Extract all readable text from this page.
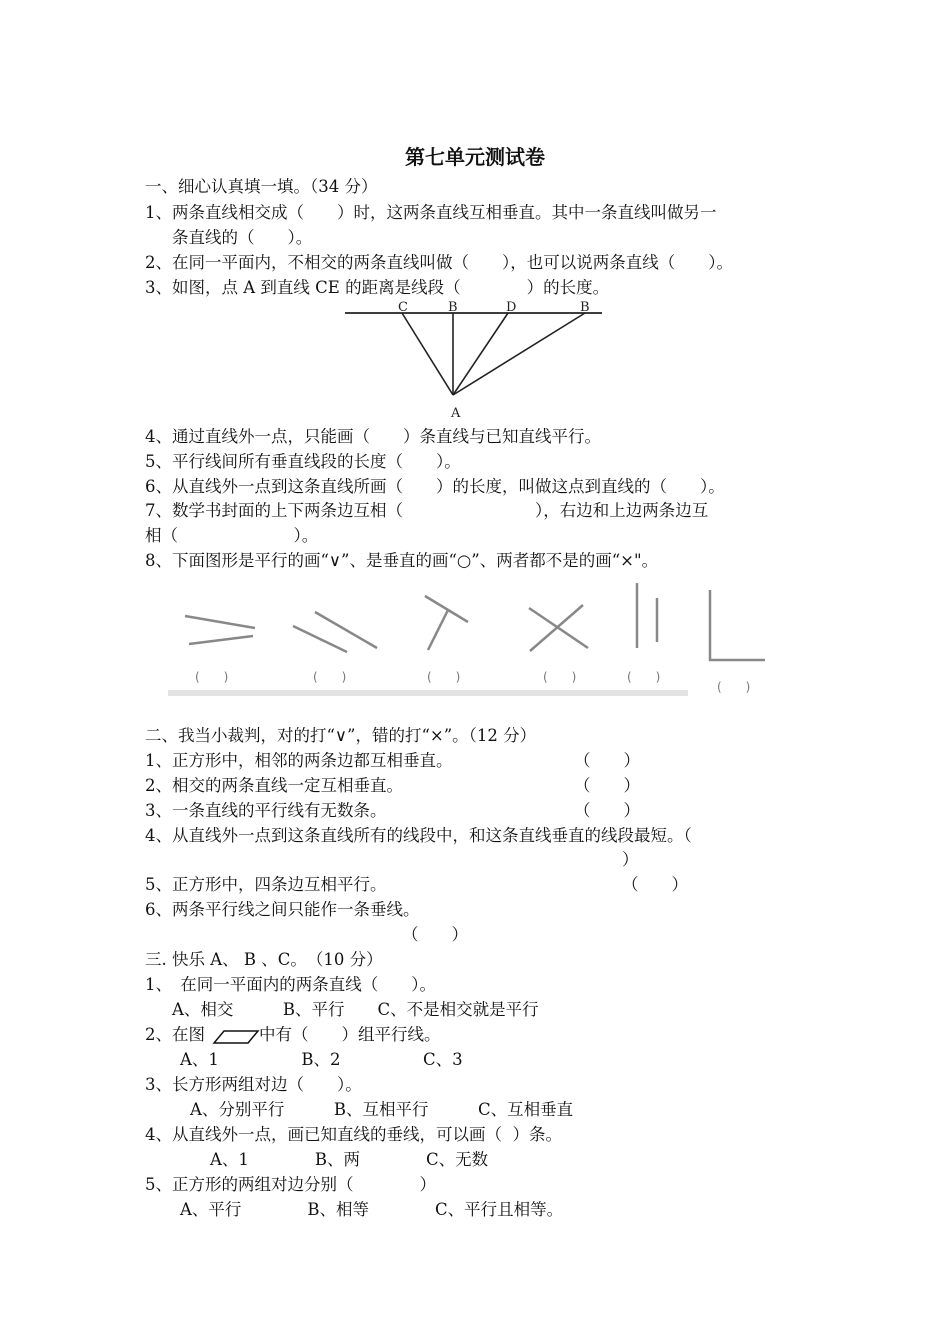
第七单元测试卷
一、细心认真填一填。（34 分）
1、两条直线相交成（　　）时，这两条直线互相垂直。其中一条直线叫做另一
条直线的（　　）。
2、在同一平面内，不相交的两条直线叫做（　　），也可以说两条直线（　　）。
3、如图，点 A 到直线 CE 的距离是线段（　　　　）的长度。
C	B	D	B
A
4、通过直线外一点，只能画（　　）条直线与已知直线平行。
5、平行线间所有垂直线段的长度（　　）。
6、从直线外一点到这条直线所画（　　）的长度，叫做这点到直线的（　　）。
7、数学书封面的上下两条边互相（　　　　　　　　），右边和上边两条边互
相（　　　　　　　）。
8、下面图形是平行的画“∨”、是垂直的画“○”、两者都不是的画“×"。
(　　)	(　　)	(　　)	(　　)	(　　)
(　　)
二、我当小裁判，对的打“∨”，错的打“×”。（12 分）
1、正方形中，相邻的两条边都互相垂直。	（　　）
2、相交的两条直线一定互相垂直。	（　　）
3、一条直线的平行线有无数条。	（　　）
4、从直线外一点到这条直线所有的线段中，和这条直线垂直的线段最短。（
）
5、正方形中，四条边互相平行。	（　　）
6、两条平行线之间只能作一条垂线。
（　　）
三. 快乐 A、 B 、C。　（10 分）
1、　在同一平面内的两条直线（　　）。
A、相交　　　B、平行　　C、不是相交就是平行
2、在图	中有（　　）组平行线。
A、1　　　　　B、2　　　　　C、3
3、长方形两组对边（　　）。
A、分别平行　　　B、互相平行　　　C、互相垂直
4、从直线外一点，画已知直线的垂线，可以画（  ）条。
A、1　　　　B、两　　　　C、无数
5、正方形的两组对边分别（　　　　）
A、平行　　　　B、相等　　　　C、平行且相等。
